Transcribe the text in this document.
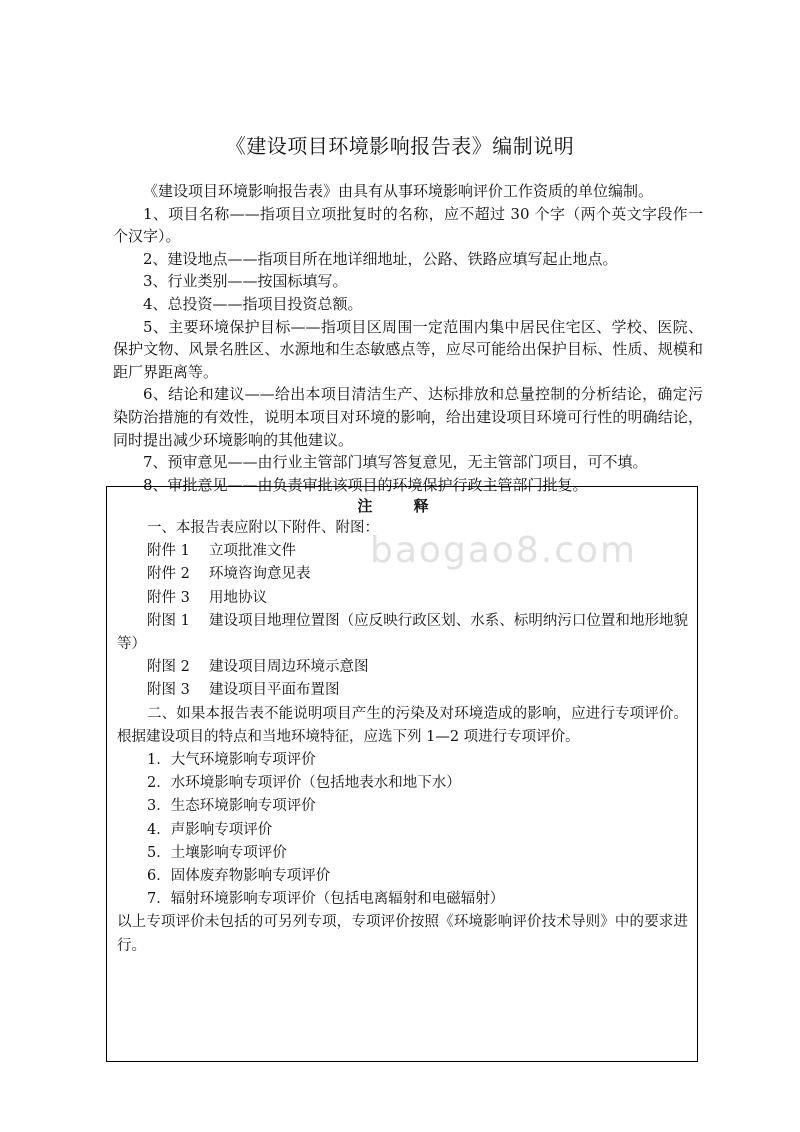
《建设项目环境影响报告表》编制说明

《建设项目环境影响报告表》由具有从事环境影响评价工作资质的单位编制。

1、项目名称——指项目立项批复时的名称，应不超过 30 个字（两个英文字段作一个汉字）。

2、建设地点——指项目所在地详细地址，公路、铁路应填写起止地点。

3、行业类别——按国标填写。

4、总投资——指项目投资总额。

5、主要环境保护目标——指项目区周围一定范围内集中居民住宅区、学校、医院、保护文物、风景名胜区、水源地和生态敏感点等，应尽可能给出保护目标、性质、规模和距厂界距离等。

6、结论和建议——给出本项目清洁生产、达标排放和总量控制的分析结论，确定污染防治措施的有效性，说明本项目对环境的影响，给出建设项目环境可行性的明确结论，同时提出减少环境影响的其他建议。

7、预审意见——由行业主管部门填写答复意见，无主管部门项目，可不填。

8、审批意见——由负责审批该项目的环境保护行政主管部门批复。

注 释

一、本报告表应附以下附件、附图：

附件 1　 立项批准文件

附件 2　 环境咨询意见表

附件 3　 用地协议

附图 1　 建设项目地理位置图（应反映行政区划、水系、标明纳污口位置和地形地貌等）

附图 2　 建设项目周边环境示意图

附图 3　 建设项目平面布置图

二、如果本报告表不能说明项目产生的污染及对环境造成的影响，应进行专项评价。根据建设项目的特点和当地环境特征，应选下列 1—2 项进行专项评价。

1．大气环境影响专项评价

2．水环境影响专项评价（包括地表水和地下水）

3．生态环境影响专项评价

4．声影响专项评价

5．土壤影响专项评价

6．固体废弃物影响专项评价

7．辐射环境影响专项评价（包括电离辐射和电磁辐射）

以上专项评价未包括的可另列专项，专项评价按照《环境影响评价技术导则》中的要求进行。

baogao8.com
